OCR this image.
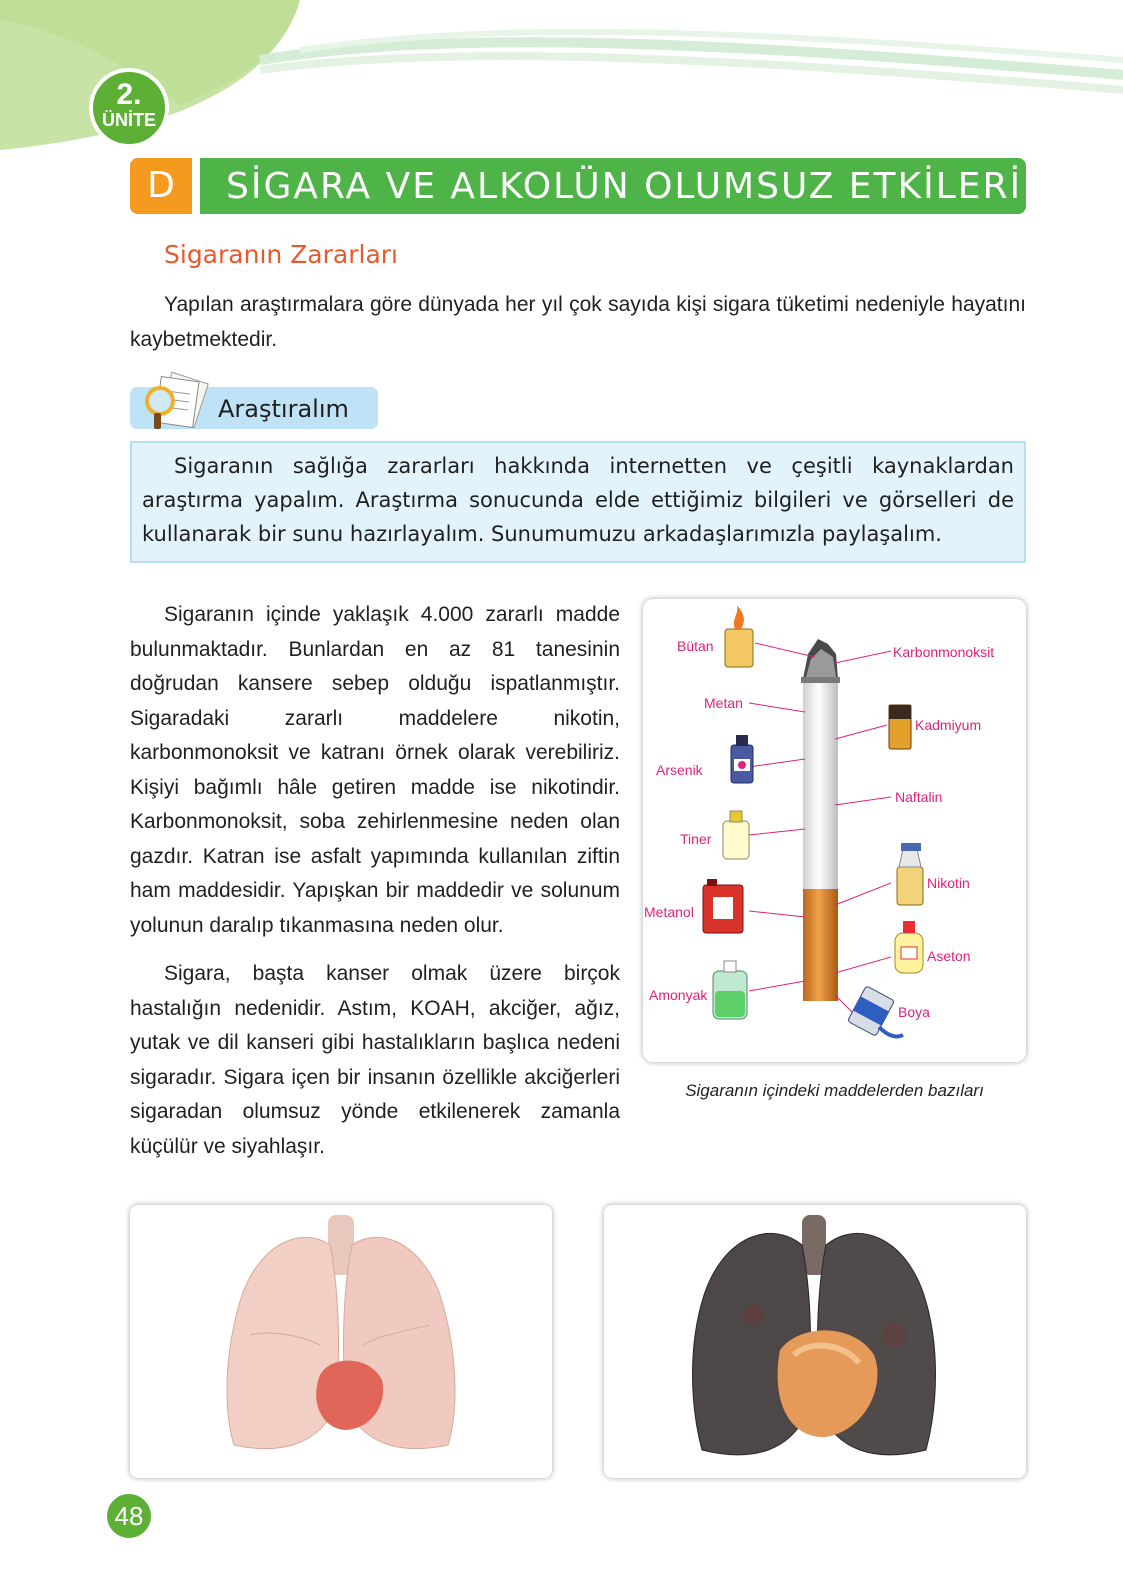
2.
ÜNİTE
D	SİGARA VE ALKOLÜN OLUMSUZ ETKİLERİ
Sigaranın Zararları

Yapılan araştırmalara göre dünyada her yıl çok sayıda kişi sigara tüketimi nedeniyle hayatını kaybetmektedir.

Araştıralım

Sigaranın sağlığa zararları hakkında internetten ve çeşitli kaynaklardan araştırma yapalım. Araştırma sonucunda elde ettiğimiz bilgileri ve görselleri de kullanarak bir sunu hazırlayalım. Sunumumuzu arkadaşlarımızla paylaşalım.

Sigaranın içinde yaklaşık 4.000 zararlı madde bulunmaktadır. Bunlardan en az 81 tanesinin doğrudan kansere sebep olduğu ispatlanmıştır. Sigaradaki zararlı maddelere nikotin, karbonmonoksit ve katranı örnek olarak verebiliriz. Kişiyi bağımlı hâle getiren madde ise nikotindir. Karbonmonoksit, soba zehirlenmesine neden olan gazdır. Katran ise asfalt yapımında kullanılan ziftin ham maddesidir. Yapışkan bir maddedir ve solunum yolunun daralıp tıkanmasına neden olur.

Sigara, başta kanser olmak üzere birçok hastalığın nedenidir. Astım, KOAH, akciğer, ağız, yutak ve dil kanseri gibi hastalıkların başlıca nedeni sigaradır. Sigara içen bir insanın özellikle akciğerleri sigaradan olumsuz yönde etkilenerek zamanla küçülür ve siyahlaşır.

Bütan
Metan
Arsenik
Tiner
Metanol
Amonyak
Karbonmonoksit
Kadmiyum
Naftalin
Nikotin
Aseton
Boya
Sigaranın içindeki maddelerden bazıları
48
